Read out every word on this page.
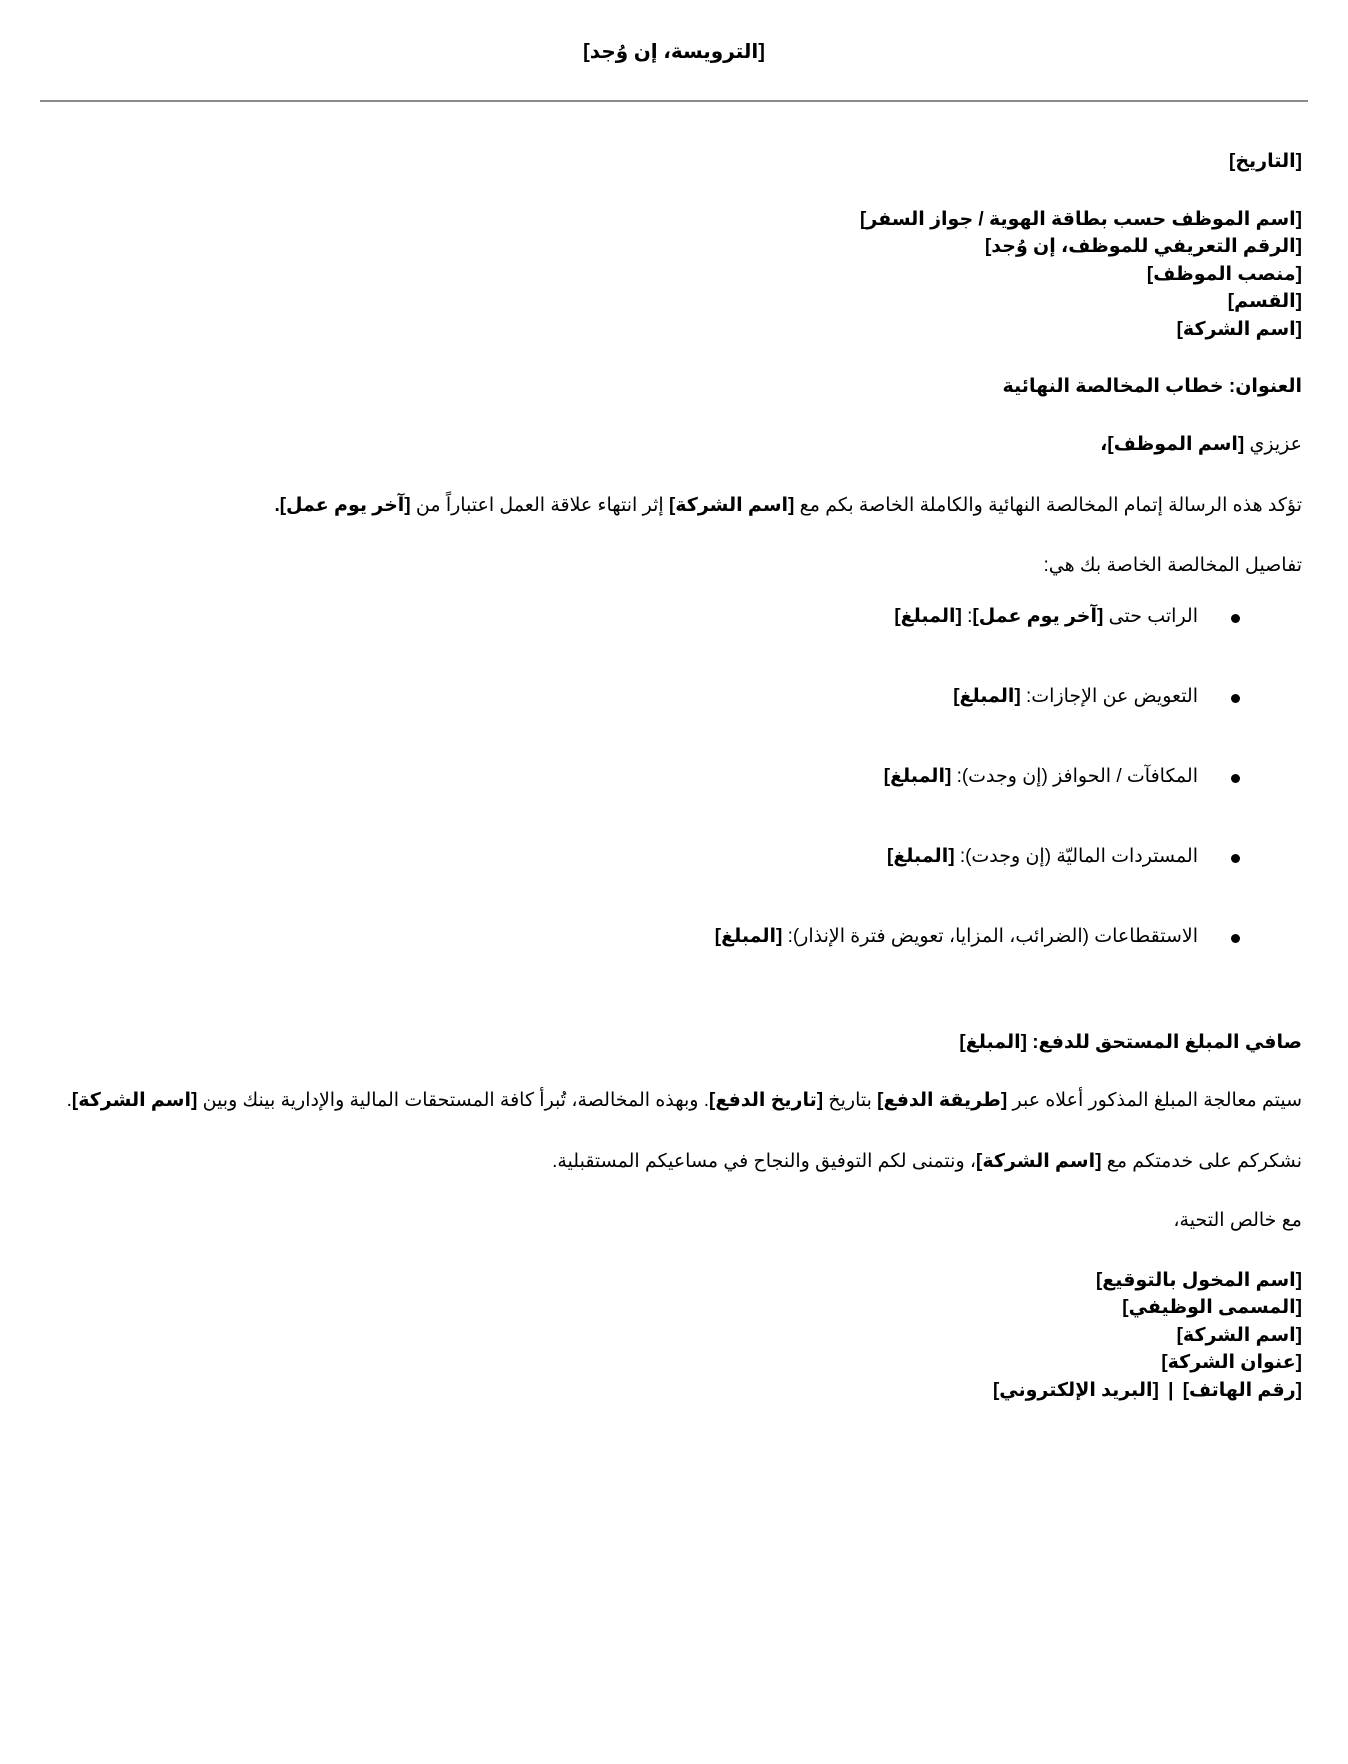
[الترويسة، إن وُجد]

[التاريخ]

[اسم الموظف حسب بطاقة الهوية / جواز السفر]

[الرقم التعريفي للموظف، إن وُجد]

[منصب الموظف]

[القسم]

[اسم الشركة]

العنوان: خطاب المخالصة النهائية

عزيزي [اسم الموظف]،

تؤكد هذه الرسالة إتمام المخالصة النهائية والكاملة الخاصة بكم مع [اسم الشركة] إثر انتهاء علاقة العمل اعتباراً من [آخر يوم عمل].

تفاصيل المخالصة الخاصة بك هي:

الراتب حتى [آخر يوم عمل]: [المبلغ]
التعويض عن الإجازات: [المبلغ]
المكافآت / الحوافز (إن وجدت): [المبلغ]
المستردات الماليّة (إن وجدت): [المبلغ]
الاستقطاعات (الضرائب، المزايا، تعويض فترة الإنذار): [المبلغ]

صافي المبلغ المستحق للدفع: [المبلغ]

سيتم معالجة المبلغ المذكور أعلاه عبر [طريقة الدفع] بتاريخ [تاريخ الدفع]. وبهذه المخالصة، تُبرأ كافة المستحقات المالية والإدارية بينك وبين [اسم الشركة].

نشكركم على خدمتكم مع [اسم الشركة]، ونتمنى لكم التوفيق والنجاح في مساعيكم المستقبلية.

مع خالص التحية،

[اسم المخول بالتوقيع]

[المسمى الوظيفي]

[اسم الشركة]

[عنوان الشركة]

[رقم الهاتف] | [البريد الإلكتروني]
